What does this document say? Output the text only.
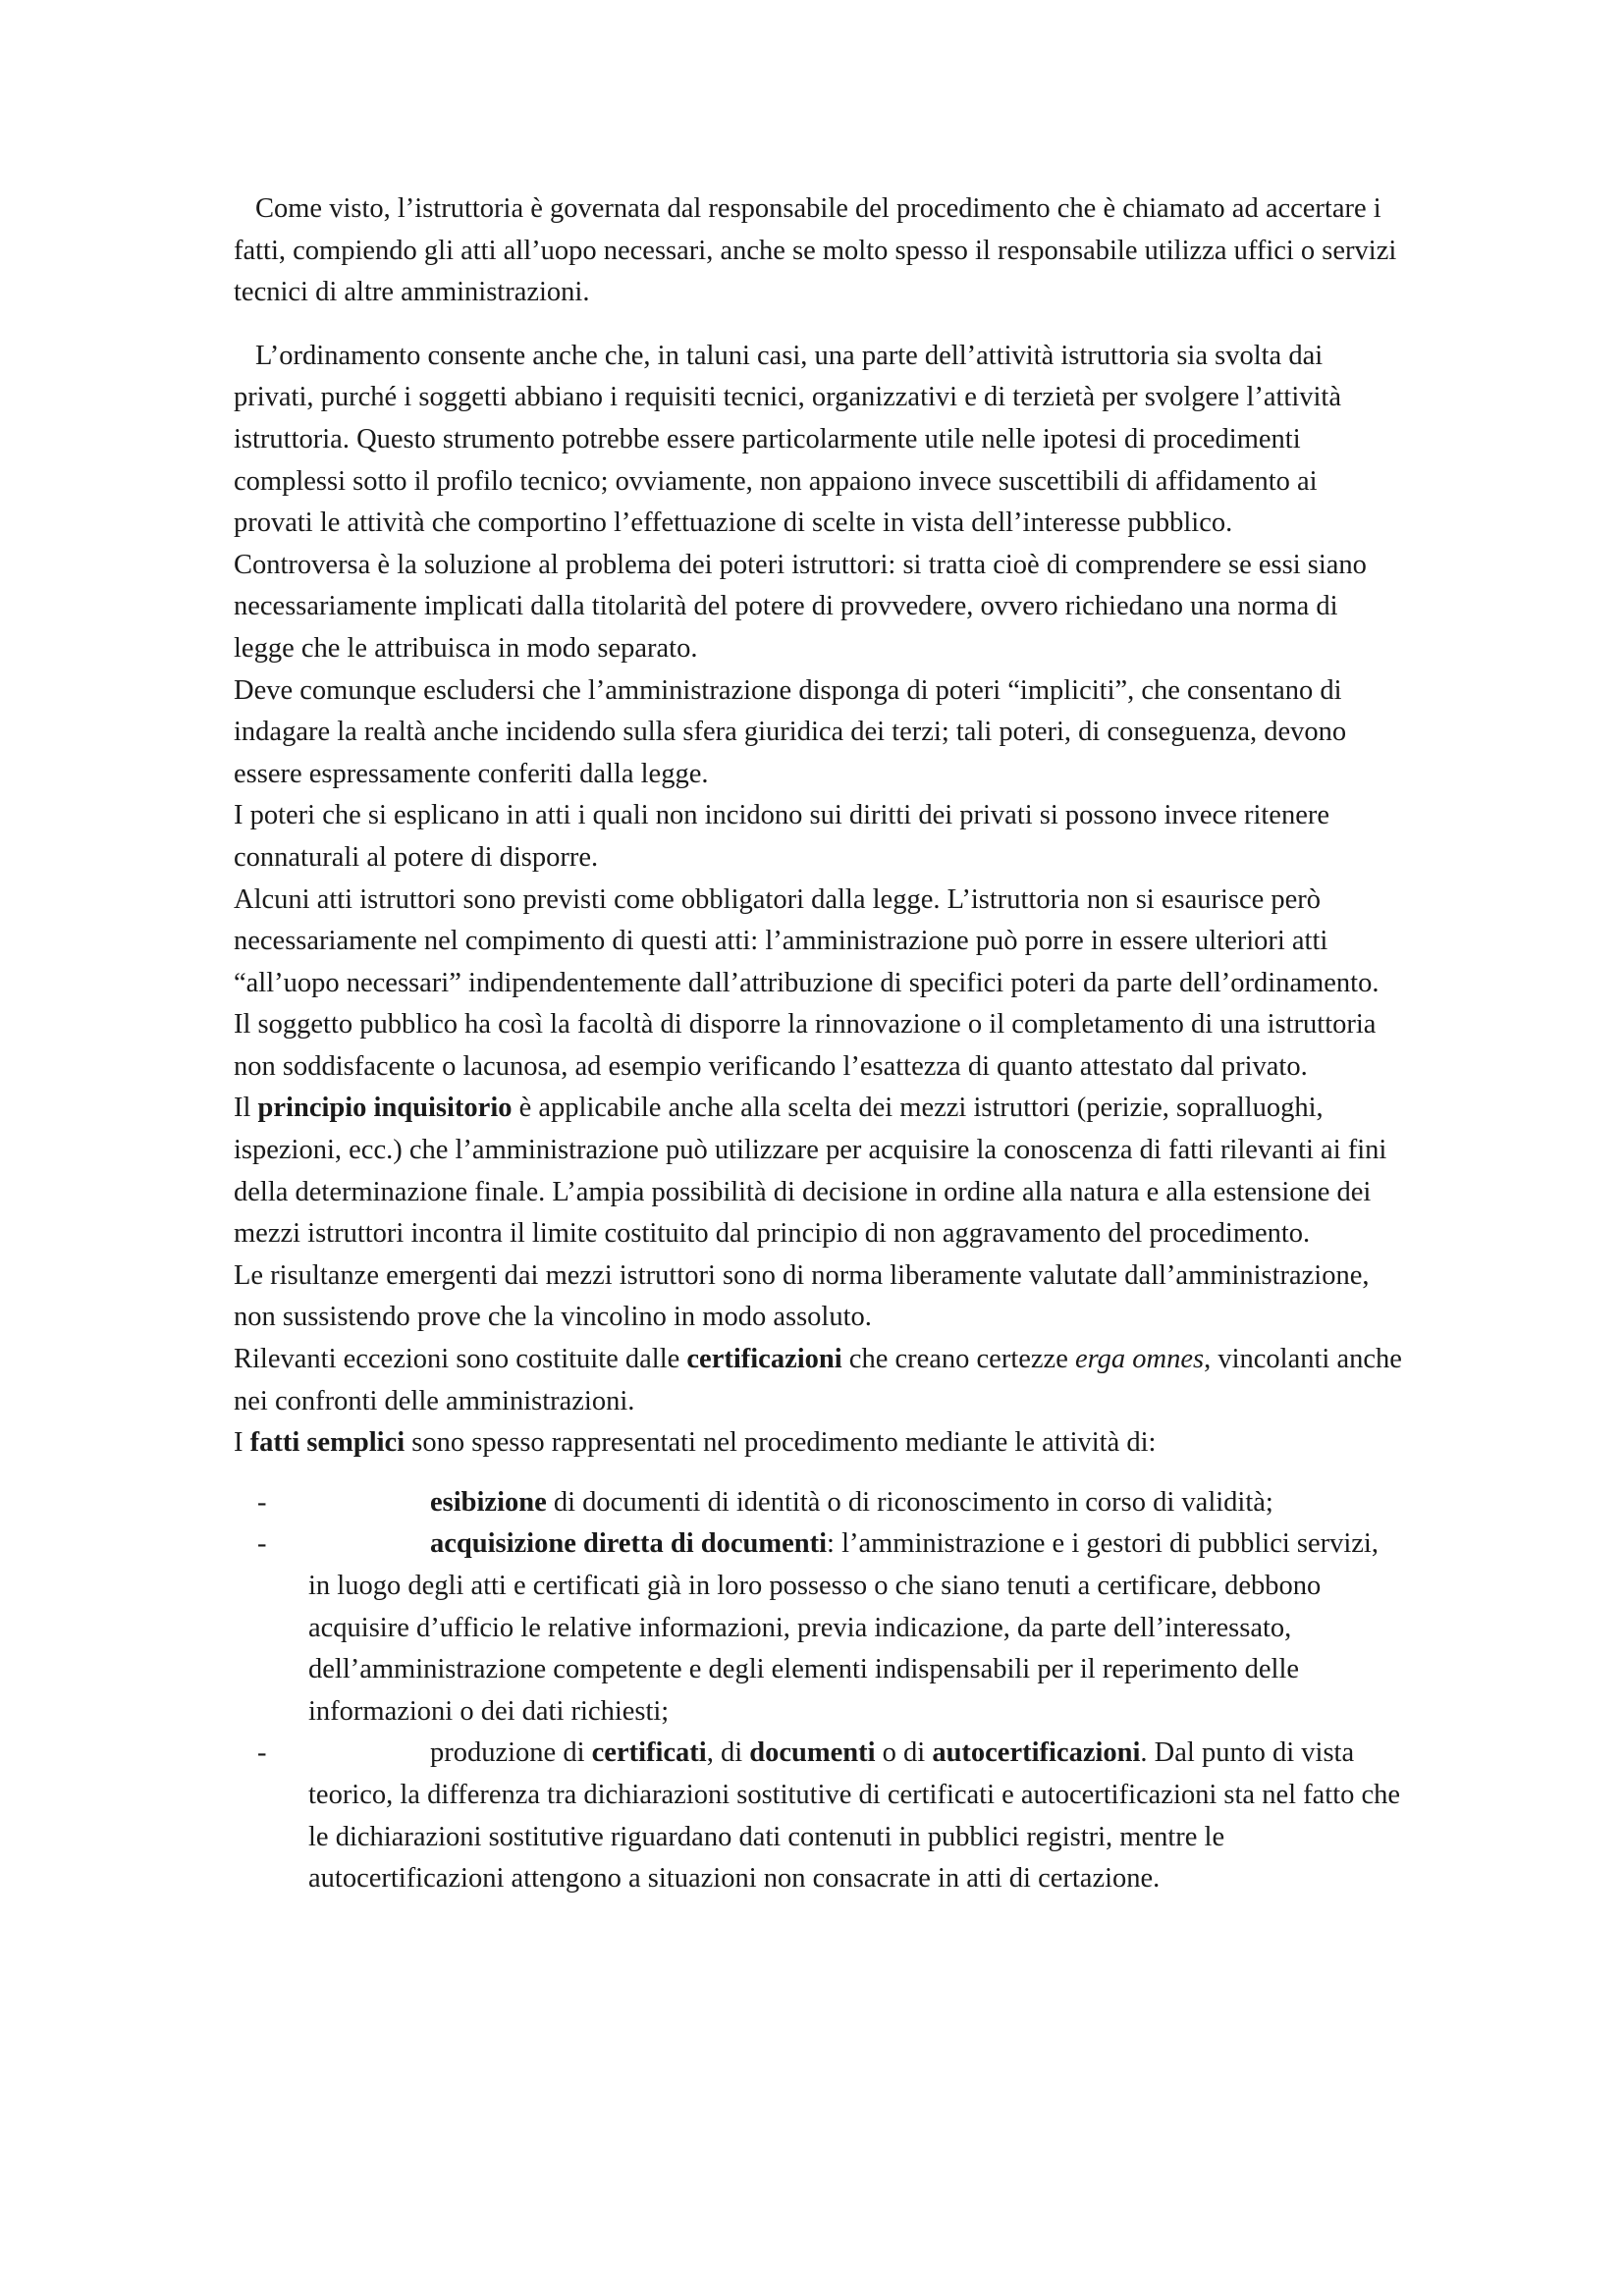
Come visto, l’istruttoria è governata dal responsabile del procedimento che è chiamato ad accertare i fatti, compiendo gli atti all’uopo necessari, anche se molto spesso il responsabile utilizza uffici o servizi tecnici di altre amministrazioni.

L’ordinamento consente anche che, in taluni casi, una parte dell’attività istruttoria sia svolta dai privati, purché i soggetti abbiano i requisiti tecnici, organizzativi e di terzietà per svolgere l’attività istruttoria. Questo strumento potrebbe essere particolarmente utile nelle ipotesi di procedimenti complessi sotto il profilo tecnico; ovviamente, non appaiono invece suscettibili di affidamento ai provati le attività che comportino l’effettuazione di scelte in vista dell’interesse pubblico.

Controversa è la soluzione al problema dei poteri istruttori: si tratta cioè di comprendere se essi siano necessariamente implicati dalla titolarità del potere di provvedere, ovvero richiedano una norma di legge che le attribuisca in modo separato.

Deve comunque escludersi che l’amministrazione disponga di poteri “impliciti”, che consentano di indagare la realtà anche incidendo sulla sfera giuridica dei terzi; tali poteri, di conseguenza, devono essere espressamente conferiti dalla legge.

I poteri che si esplicano in atti i quali non incidono sui diritti dei privati si possono invece ritenere connaturali al potere di disporre.

Alcuni atti istruttori sono previsti come obbligatori dalla legge. L’istruttoria non si esaurisce però necessariamente nel compimento di questi atti: l’amministrazione può porre in essere ulteriori atti “all’uopo necessari” indipendentemente dall’attribuzione di specifici poteri da parte dell’ordinamento. Il soggetto pubblico ha così la facoltà di disporre la rinnovazione o il completamento di una istruttoria non soddisfacente o lacunosa, ad esempio verificando l’esattezza di quanto attestato dal privato.

Il principio inquisitorio è applicabile anche alla scelta dei mezzi istruttori (perizie, sopralluoghi, ispezioni, ecc.) che l’amministrazione può utilizzare per acquisire la conoscenza di fatti rilevanti ai fini della determinazione finale. L’ampia possibilità di decisione in ordine alla natura e alla estensione dei mezzi istruttori incontra il limite costituito dal principio di non aggravamento del procedimento.

Le risultanze emergenti dai mezzi istruttori sono di norma liberamente valutate dall’amministrazione, non sussistendo prove che la vincolino in modo assoluto.

Rilevanti eccezioni sono costituite dalle certificazioni che creano certezze erga omnes, vincolanti anche nei confronti delle amministrazioni.

I fatti semplici sono spesso rappresentati nel procedimento mediante le attività di:

-	esibizione di documenti di identità o di riconoscimento in corso di validità;
-	acquisizione diretta di documenti: l’amministrazione e i gestori di pubblici servizi, in luogo degli atti e certificati già in loro possesso o che siano tenuti a certificare, debbono acquisire d’ufficio le relative informazioni, previa indicazione, da parte dell’interessato, dell’amministrazione competente e degli elementi indispensabili per il reperimento delle informazioni o dei dati richiesti;
-	produzione di certificati, di documenti o di autocertificazioni. Dal punto di vista teorico, la differenza tra dichiarazioni sostitutive di certificati e autocertificazioni sta nel fatto che le dichiarazioni sostitutive riguardano dati contenuti in pubblici registri, mentre le autocertificazioni attengono a situazioni non consacrate in atti di certazione.
